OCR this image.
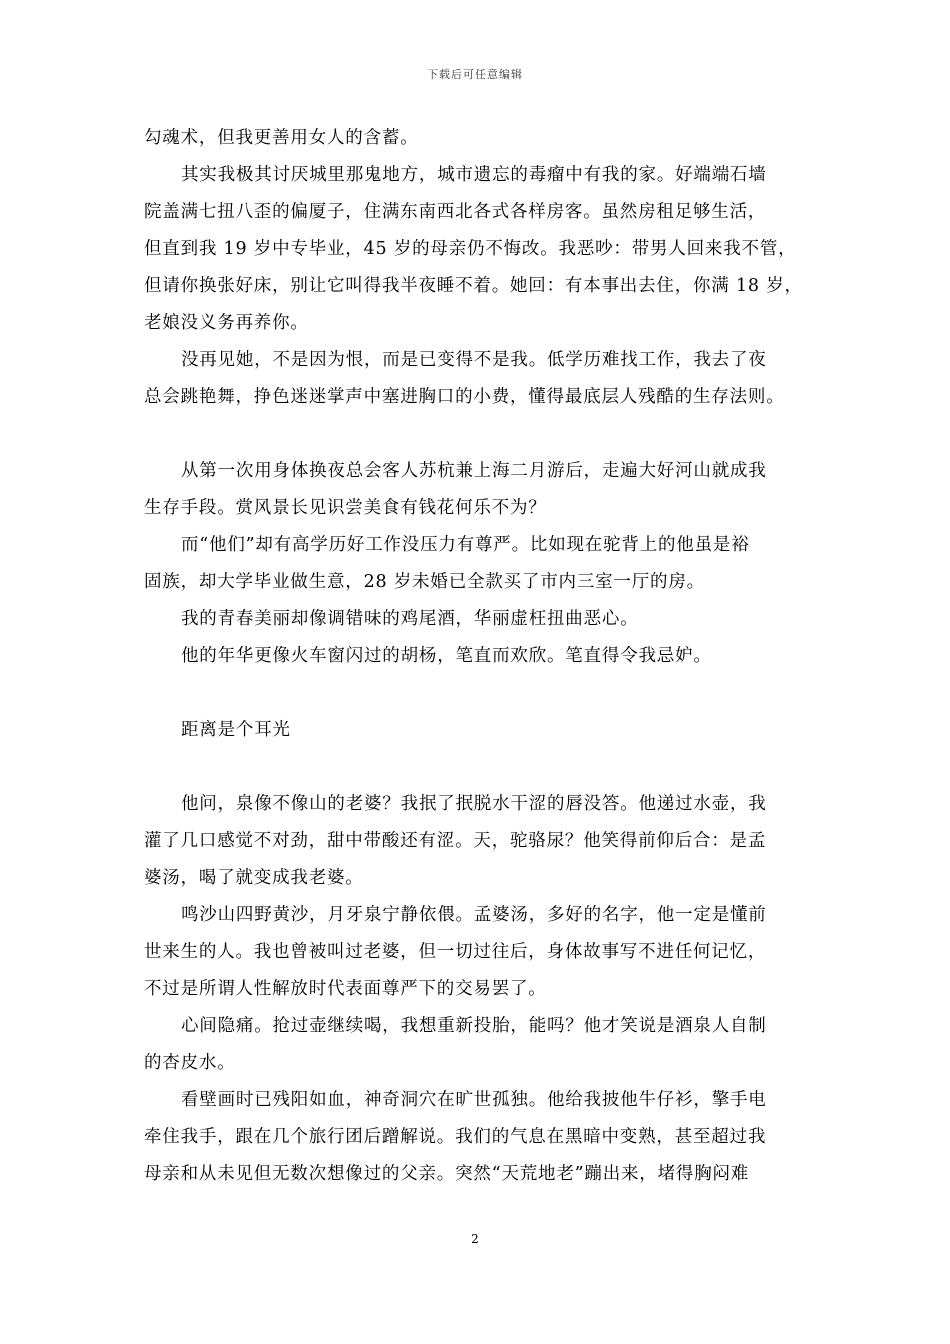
下载后可任意编辑
勾魂术，但我更善用女人的含蓄。
其实我极其讨厌城里那鬼地方，城市遗忘的毒瘤中有我的家。好端端石墙
院盖满七扭八歪的偏厦子，住满东南西北各式各样房客。虽然房租足够生活，
但直到我 19 岁中专毕业，45 岁的母亲仍不悔改。我恶吵：带男人回来我不管，
但请你换张好床，别让它叫得我半夜睡不着。她回：有本事出去住，你满 18 岁，
老娘没义务再养你。
没再见她，不是因为恨，而是已变得不是我。低学历难找工作，我去了夜
总会跳艳舞，挣色迷迷掌声中塞进胸口的小费，懂得最底层人残酷的生存法则。
从第一次用身体换夜总会客人苏杭兼上海二月游后，走遍大好河山就成我
生存手段。赏风景长见识尝美食有钱花何乐不为？
而“他们”却有高学历好工作没压力有尊严。比如现在驼背上的他虽是裕
固族，却大学毕业做生意，28 岁未婚已全款买了市内三室一厅的房。
我的青春美丽却像调错味的鸡尾酒，华丽虚枉扭曲恶心。
他的年华更像火车窗闪过的胡杨，笔直而欢欣。笔直得令我忌妒。
距离是个耳光
他问，泉像不像山的老婆？我抿了抿脱水干涩的唇没答。他递过水壶，我
灌了几口感觉不对劲，甜中带酸还有涩。天，驼骆尿？他笑得前仰后合：是孟
婆汤，喝了就变成我老婆。
鸣沙山四野黄沙，月牙泉宁静依偎。孟婆汤，多好的名字，他一定是懂前
世来生的人。我也曾被叫过老婆，但一切过往后，身体故事写不进任何记忆，
不过是所谓人性解放时代表面尊严下的交易罢了。
心间隐痛。抢过壶继续喝，我想重新投胎，能吗？他才笑说是酒泉人自制
的杏皮水。
看壁画时已残阳如血，神奇洞穴在旷世孤独。他给我披他牛仔衫，擎手电
牵住我手，跟在几个旅行团后蹭解说。我们的气息在黑暗中变熟，甚至超过我
母亲和从未见但无数次想像过的父亲。突然“天荒地老”蹦出来，堵得胸闷难
2
